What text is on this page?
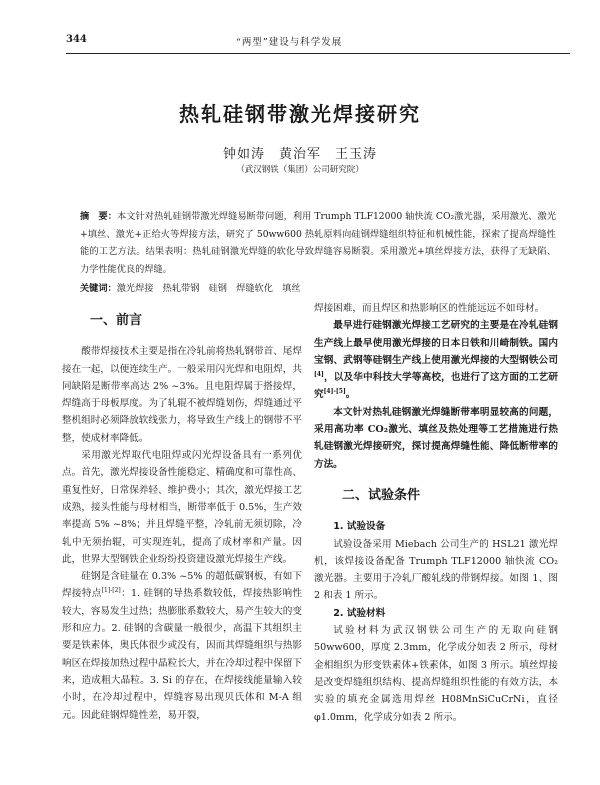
344	“两型”建设与科学发展
热轧硅钢带激光焊接研究
钟如涛　黄治军　王玉涛
（武汉钢铁（集团）公司研究院）
摘　要：本文针对热轧硅钢带激光焊缝易断带问题，利用 Trumph TLF12000 轴快流 CO₂激光器，采用激光、激光+填丝、激光+正给火等焊接方法，研究了 50ww600 热轧原料向硅钢焊缝组织特征和机械性能，探索了提高焊缝性能的工艺方法。结果表明：热轧硅钢激光焊缝的软化导致焊缝容易断裂。采用激光+填丝焊接方法，获得了无缺陷、力学性能优良的焊缝。
关键词：激光焊接　热轧带钢　硅钢　焊缝软化　填丝
一、前言

酸带焊接技术主要是指在冷轧前将热轧钢带首、尾焊接在一起，以便连续生产。一般采用闪光焊和电阻焊，共同缺陷是断带率高达 2% ~3%。且电阻焊属于搭接焊，焊缝高于母板厚度。为了轧辊不被焊缝划伤，焊缝通过平整机组时必须降放软线张力，将导致生产线上的钢带不平整，使成材率降低。

采用激光焊取代电阻焊或闪光焊设备具有一系列优点。首先，激光焊接设备性能稳定、精确度和可靠性高、重复性好，日常保养轻、维护费小；其次，激光焊接工艺成熟，接头性能与母材相当，断带率低于 0.5%，生产效率提高 5% ~8%；并且焊缝平整，冷轧前无须切除，冷轧中无须抬辊，可实现连轧，提高了成材率和产量。因此，世界大型钢铁企业纷纷投资建设激光焊接生产线。

硅钢是含硅量在 0.3% ~5% 的超低碳钢板，有如下焊接特点[1]-[2]：1. 硅钢的导热系数较低，焊接热影响性较大，容易发生过热；热膨胀系数较大，易产生较大的变形和应力。2. 硅钢的含碳量一般很少，高温下其组织主要是铁素体，奥氏体很少或没有，因而其焊缝组织与热影响区在焊接加热过程中晶粒长大，并在冷却过程中保留下来，造成粗大晶粒。3. Si 的存在，在焊接线能量输入较小时，在冷却过程中，焊缝容易出现贝氏体和 M-A 组元。因此硅钢焊缝性差，易开裂，

焊接困难，而且焊区和热影响区的性能远远不如母材。

最早进行硅钢激光焊接工艺研究的主要是在冷轧硅钢生产线上最早使用激光焊接的日本日铁和川崎制铁。国内宝钢、武钢等硅钢生产线上使用激光焊接的大型钢铁公司[4]，以及华中科技大学等高校，也进行了这方面的工艺研究[4]-[5]。

本文针对热轧硅钢激光焊缝断带率明显较高的问题，采用高功率 CO₂激光、填丝及热处理等工艺措施进行热轧硅钢激光焊接研究，探讨提高焊缝性能、降低断带率的方法。

二、试验条件

1. 试验设备

试验设备采用 Miebach 公司生产的 HSL21 激光焊机，该焊接设备配备 Trumph TLF12000 轴快流 CO₂激光器。主要用于冷轧厂酸轧线的带钢焊接。如图 1、图 2 和表 1 所示。

2. 试验材料

试验材料为武汉钢铁公司生产的无取向硅钢 50ww600，厚度 2.3mm，化学成分如表 2 所示，母材金相组织为形变铁素体+铁素体，如图 3 所示。填丝焊接是改变焊缝组织结构、提高焊缝组织性能的有效方法，本实验的填充金属选用焊丝 H08MnSiCuCrNi，直径 φ1.0mm，化学成分如表 2 所示。
